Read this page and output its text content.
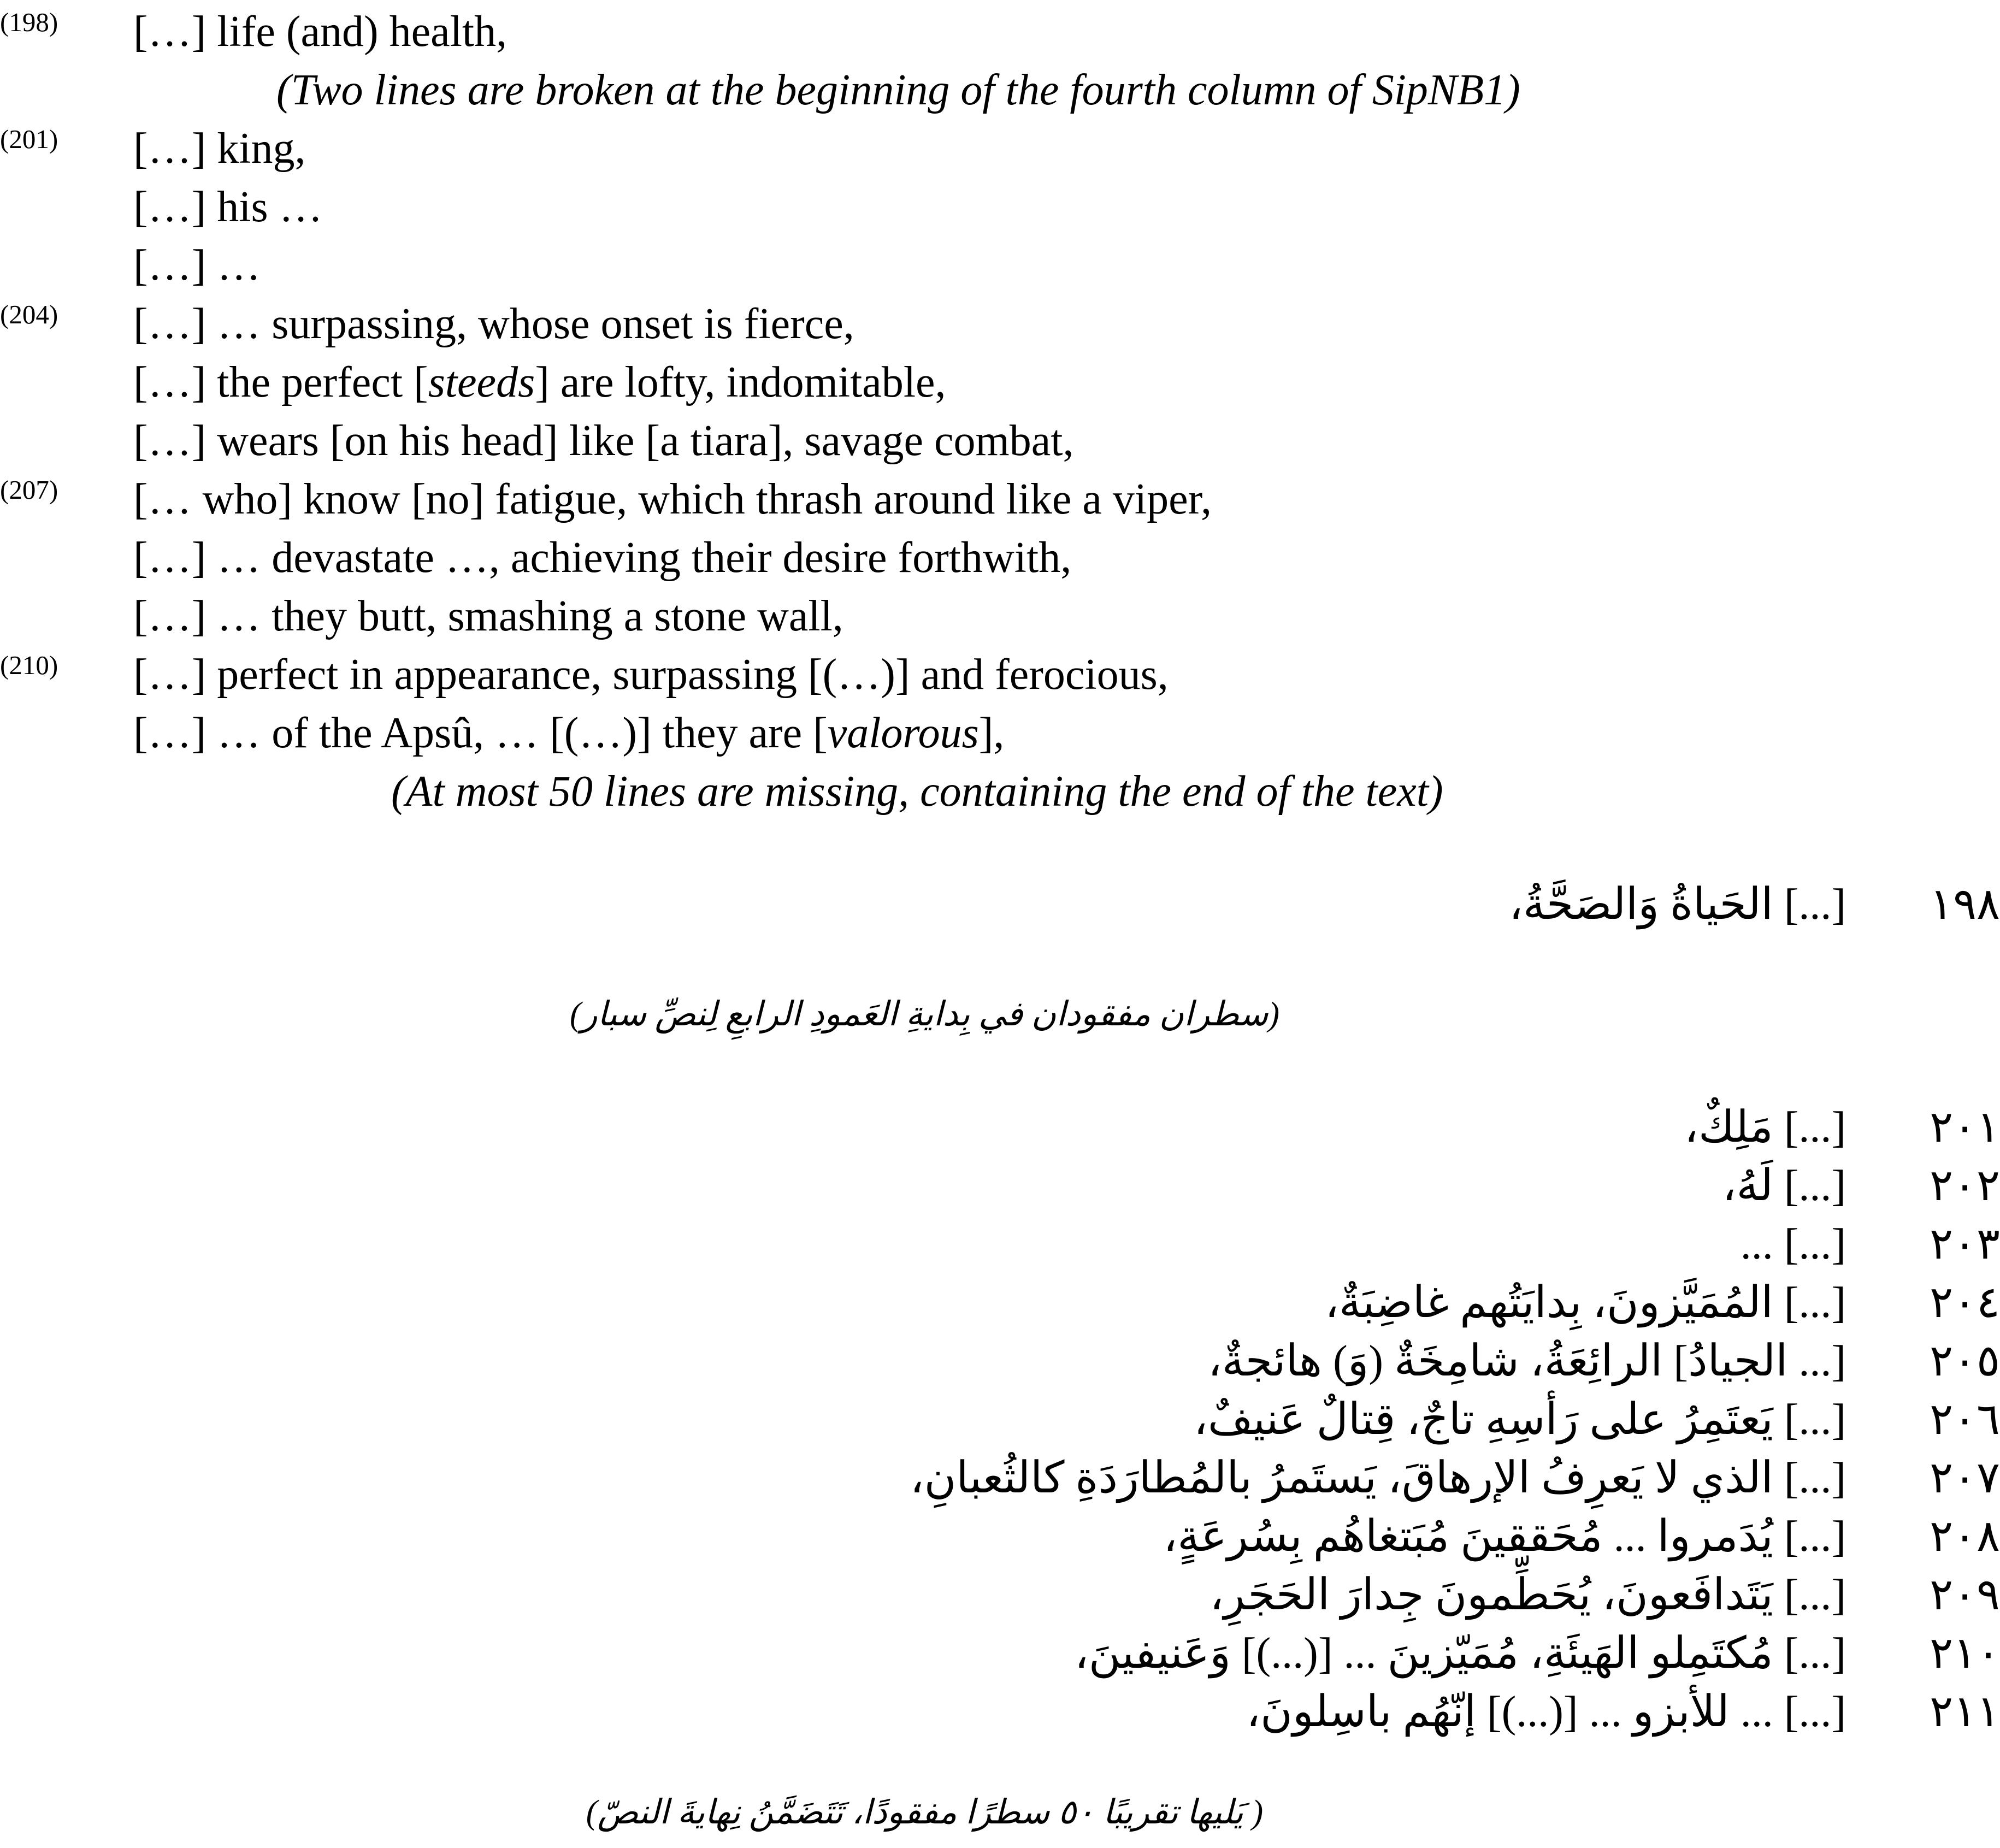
(198) […] life (and) health,
(Two lines are broken at the beginning of the fourth column of SipNB1)
(201) […] king,
[…] his …
[…] …
(204) […] … surpassing, whose onset is fierce,
[…] the perfect [steeds] are lofty, indomitable,
[…] wears [on his head] like [a tiara], savage combat,
(207) [… who] know [no] fatigue, which thrash around like a viper,
[…] … devastate …, achieving their desire forthwith,
[…] … they butt, smashing a stone wall,
(210) […] perfect in appearance, surpassing [(…)] and ferocious,
[…] … of the Apsû, … [(…)] they are [valorous],
(At most 50 lines are missing, containing the end of the text)
١٩٨
[...] الحَياةُ وَالصَحَّةُ،
(سطران مفقودان في بِدايةِ العَمودِ الرابعِ لِنصِّ سبار)
٢٠١
[...] مَلِكٌ،
٢٠٢
[...] لَهُ،
٢٠٣
[...] ...
٢٠٤
[...] المُمَيَّزونَ، بِدايَتُهم غاضِبَةٌ،
٢٠٥
[... الجيادُ] الرائِعَةُ، شامِخَةٌ (وَ) هائجةٌ،
٢٠٦
[...] يَعتَمِرُ على رَأسِهِ تاجٌ، قِتالٌ عَنيفٌ،
٢٠٧
[...] الذي لا يَعرِفُ الإرهاقَ، يَستَمرُ بالمُطارَدَةِ كالثُعبانِ،
٢٠٨
[...] يُدَمروا ... مُحَققينَ مُبَتغاهُم بِسُرعَةٍ،
٢٠٩
[...] يَتَدافَعونَ، يُحَطِّمونَ جِدارَ الحَجَرِ،
٢١٠
[...] مُكتَمِلو الهَيئَةِ، مُمَيّزينَ ... [(...)] وَعَنيفينَ،
٢١١
[...] ... للأبزو ... [(...)] إنّهُم باسِلونَ،
( يَليها تقريبًا ٥٠ سطرًا مفقودًا، تَتَضَمَّنُ نِهايةَ النصّ)
